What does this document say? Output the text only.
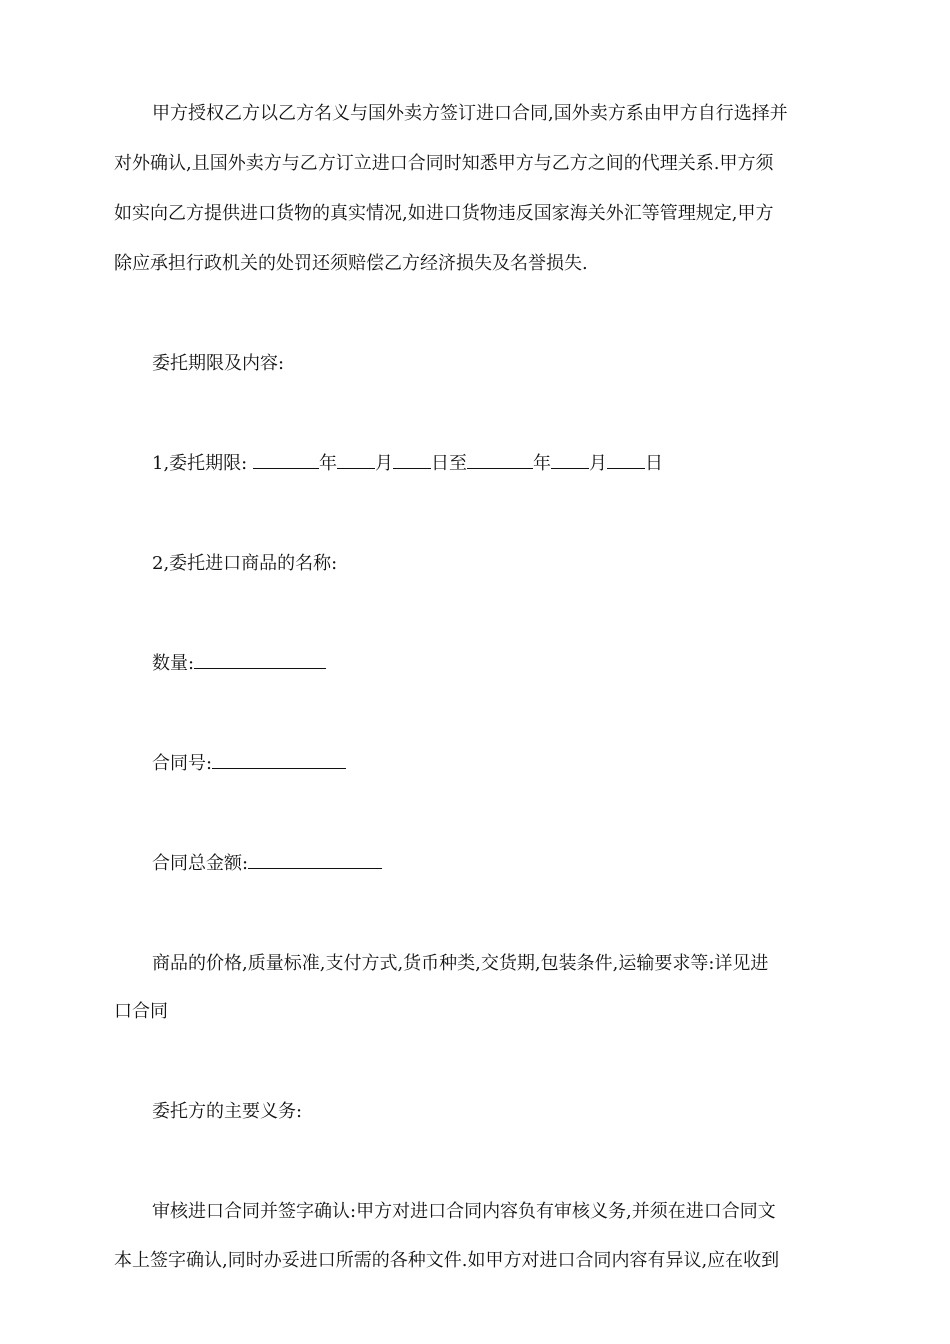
甲方授权乙方以乙方名义与国外卖方签订进口合同,国外卖方系由甲方自行选择并
对外确认,且国外卖方与乙方订立进口合同时知悉甲方与乙方之间的代理关系.甲方须
如实向乙方提供进口货物的真实情况,如进口货物违反国家海关外汇等管理规定,甲方
除应承担行政机关的处罚还须赔偿乙方经济损失及名誉损失.
委托期限及内容:
1,委托期限:	年 月 日至	年 月 日
2,委托进口商品的名称:
数量:
合同号:
合同总金额:
商品的价格,质量标准,支付方式,货币种类,交货期,包装条件,运输要求等:详见进
口合同
委托方的主要义务:
审核进口合同并签字确认:甲方对进口合同内容负有审核义务,并须在进口合同文
本上签字确认,同时办妥进口所需的各种文件.如甲方对进口合同内容有异议,应在收到
